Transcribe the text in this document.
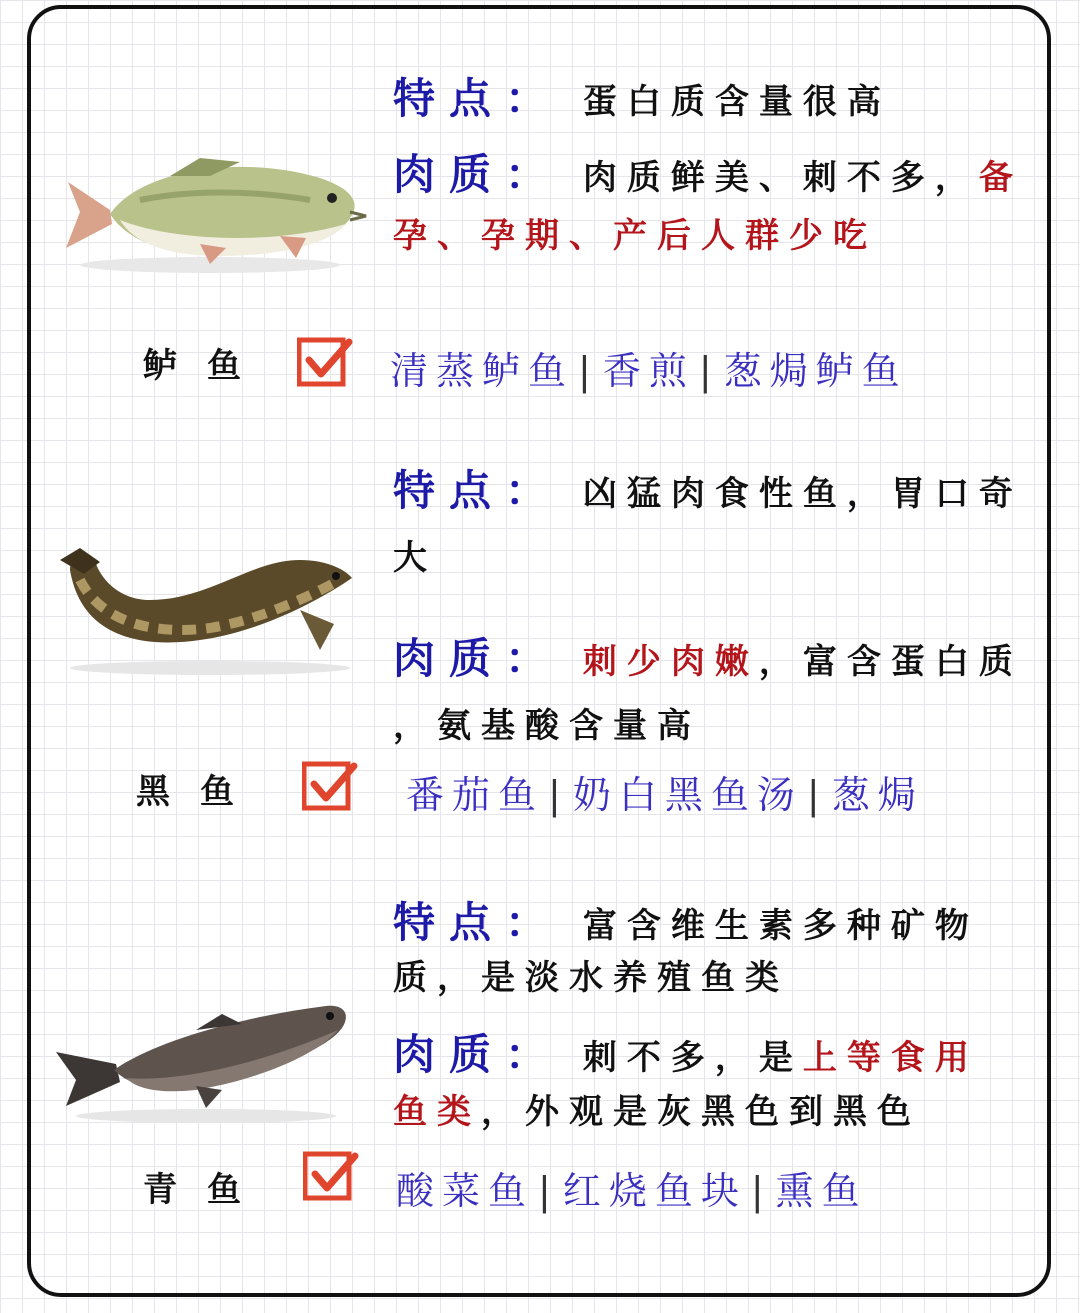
鲈鱼

特点： 蛋白质含量很高

肉质： 肉质鲜美、刺不多，备

孕、孕期、产后人群少吃

清蒸鲈鱼 | 香煎 | 葱焗鲈鱼
黑鱼

特点： 凶猛肉食性鱼，胃口奇

大

肉质： 刺少肉嫩，富含蛋白质

，氨基酸含量高

番茄鱼 | 奶白黑鱼汤 | 葱焗
青鱼

特点： 富含维生素多种矿物

质，是淡水养殖鱼类

肉质： 刺不多，是上等食用

鱼类，外观是灰黑色到黑色

酸菜鱼 | 红烧鱼块 | 熏鱼
